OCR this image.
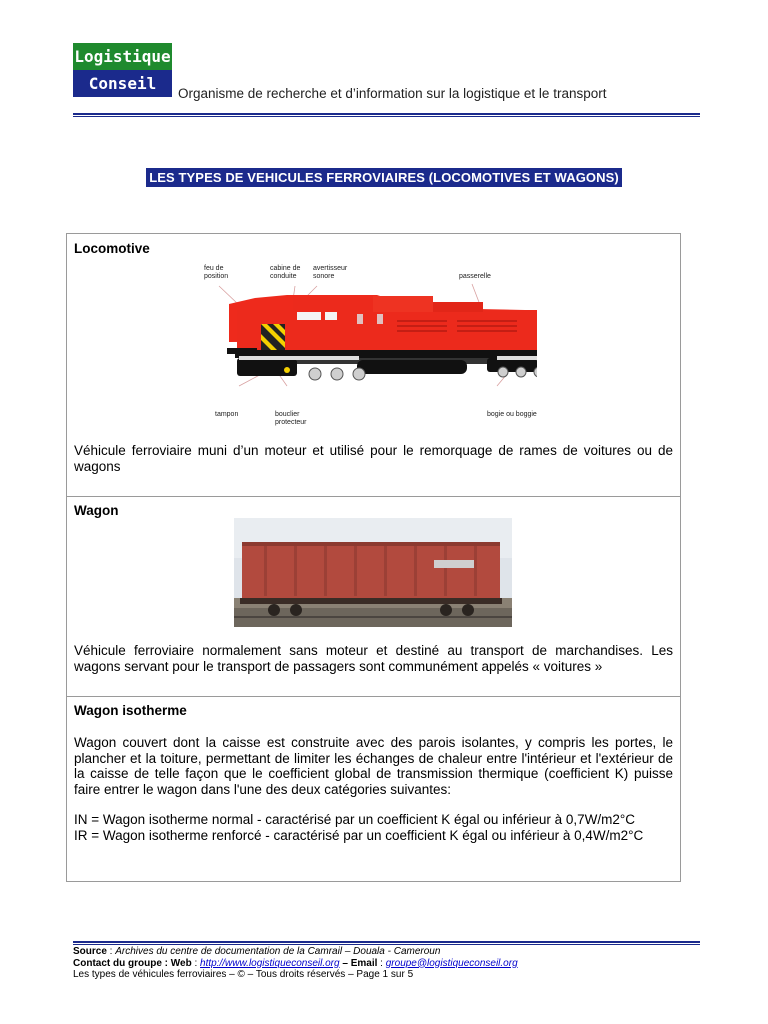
Logistique
Conseil
Organisme de recherche et d’information sur la logistique et le transport
LES TYPES DE VEHICULES FERROVIAIRES (LOCOMOTIVES ET WAGONS)
Locomotive
feu de
position
cabine de
conduite
avertisseur
sonore	passerelle
tampon	bouclier
protecteur
bogie ou boggie
Véhicule ferroviaire muni d’un moteur et utilisé pour le remorquage de rames de voitures ou de wagons
Wagon
Véhicule ferroviaire normalement sans moteur et destiné au transport de marchandises. Les wagons servant pour le transport de passagers sont communément appelés « voitures »
Wagon isotherme

Wagon couvert dont la caisse est construite avec des parois isolantes, y compris les portes, le plancher et la toiture, permettant de limiter les échanges de chaleur entre l'intérieur et l'extérieur de la caisse de telle façon que le coefficient global de transmission thermique (coefficient K) puisse faire entrer le wagon dans l'une des deux catégories suivantes:

IN = Wagon isotherme normal - caractérisé par un coefficient K égal ou inférieur à 0,7W/m2°C

IR = Wagon isotherme renforcé - caractérisé par un coefficient K égal ou inférieur à 0,4W/m2°C

Source : Archives du centre de documentation de la Camrail – Douala - Cameroun
Contact du groupe : Web : http://www.logistiqueconseil.org – Email : groupe@logistiqueconseil.org
Les types de véhicules ferroviaires – © – Tous droits réservés – Page 1 sur 5
